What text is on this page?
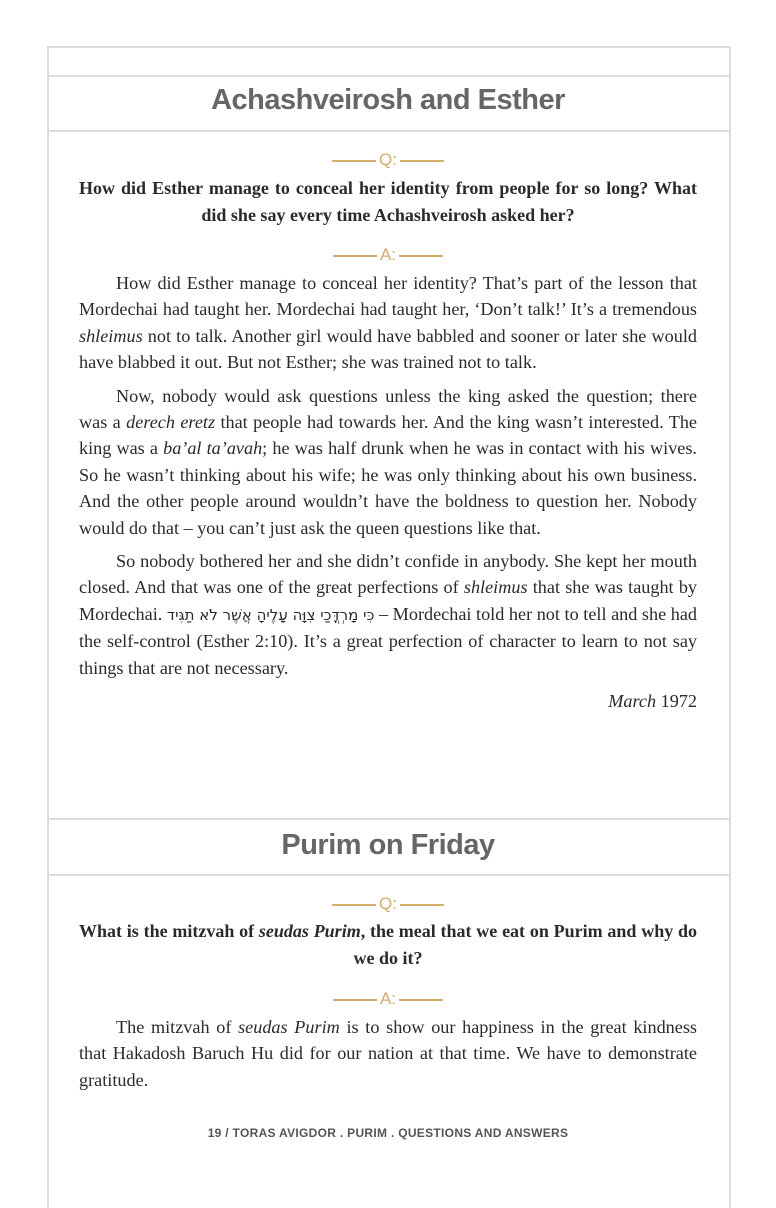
Achashveirosh and Esther
Q:
How did Esther manage to conceal her identity from people for so long? What did she say every time Achashveirosh asked her?
A:

How did Esther manage to conceal her identity? That’s part of the lesson that Mordechai had taught her. Mordechai had taught her, ‘Don’t talk!’ It’s a tremendous shleimus not to talk. Another girl would have babbled and sooner or later she would have blabbed it out. But not Esther; she was trained not to talk.

Now, nobody would ask questions unless the king asked the question; there was a derech eretz that people had towards her. And the king wasn’t interested. The king was a ba’al ta’avah; he was half drunk when he was in contact with his wives. So he wasn’t thinking about his wife; he was only thinking about his own business. And the other people around wouldn’t have the boldness to question her. Nobody would do that – you can’t just ask the queen questions like that.

So nobody bothered her and she didn’t confide in anybody. She kept her mouth closed. And that was one of the great perfections of shleimus that she was taught by Mordechai. כִּי מָרְדֳּכַי צִוָּה עָלֶיהָ אֲשֶׁר לֹא תַגִּיד – Mordechai told her not to tell and she had the self-control (Esther 2:10). It’s a great perfection of character to learn to not say things that are not necessary.

March 1972
Purim on Friday
Q:
What is the mitzvah of seudas Purim, the meal that we eat on Purim and why do we do it?
A:

The mitzvah of seudas Purim is to show our happiness in the great kindness that Hakadosh Baruch Hu did for our nation at that time. We have to demonstrate gratitude.

19 / TORAS AVIGDOR . PURIM . QUESTIONS AND ANSWERS
